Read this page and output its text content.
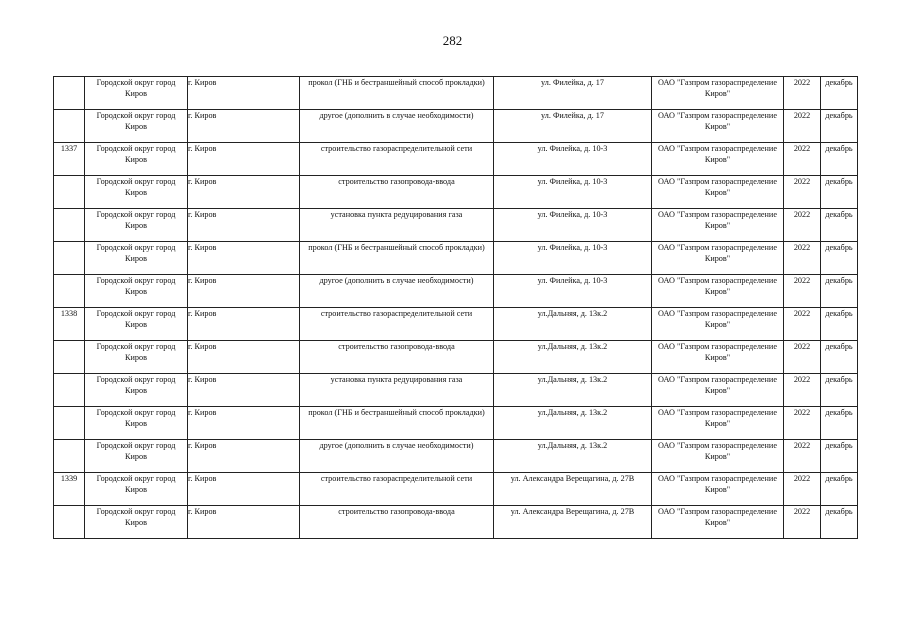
282
	Городской округ город Киров	г. Киров	прокол (ГНБ и бестраншейный способ прокладки)	ул. Филейка, д. 17	ОАО "Газпром газораспределение Киров"	2022	декабрь
	Городской округ город Киров	г. Киров	другое (дополнить в случае необходимости)	ул. Филейка, д. 17	ОАО "Газпром газораспределение Киров"	2022	декабрь
1337	Городской округ город Киров	г. Киров	строительство газораспределительной сети	ул. Филейка, д. 10-3	ОАО "Газпром газораспределение Киров"	2022	декабрь
	Городской округ город Киров	г. Киров	строительство газопровода-ввода	ул. Филейка, д. 10-3	ОАО "Газпром газораспределение Киров"	2022	декабрь
	Городской округ город Киров	г. Киров	установка пункта редуцирования газа	ул. Филейка, д. 10-3	ОАО "Газпром газораспределение Киров"	2022	декабрь
	Городской округ город Киров	г. Киров	прокол (ГНБ и бестраншейный способ прокладки)	ул. Филейка, д. 10-3	ОАО "Газпром газораспределение Киров"	2022	декабрь
	Городской округ город Киров	г. Киров	другое (дополнить в случае необходимости)	ул. Филейка, д. 10-3	ОАО "Газпром газораспределение Киров"	2022	декабрь
1338	Городской округ город Киров	г. Киров	строительство газораспределительной сети	ул.Дальняя, д. 13к.2	ОАО "Газпром газораспределение Киров"	2022	декабрь
	Городской округ город Киров	г. Киров	строительство газопровода-ввода	ул.Дальняя, д. 13к.2	ОАО "Газпром газораспределение Киров"	2022	декабрь
	Городской округ город Киров	г. Киров	установка пункта редуцирования газа	ул.Дальняя, д. 13к.2	ОАО "Газпром газораспределение Киров"	2022	декабрь
	Городской округ город Киров	г. Киров	прокол (ГНБ и бестраншейный способ прокладки)	ул.Дальняя, д. 13к.2	ОАО "Газпром газораспределение Киров"	2022	декабрь
	Городской округ город Киров	г. Киров	другое (дополнить в случае необходимости)	ул.Дальняя, д. 13к.2	ОАО "Газпром газораспределение Киров"	2022	декабрь
1339	Городской округ город Киров	г. Киров	строительство газораспределительной сети	ул. Александра Верещагина, д. 27В	ОАО "Газпром газораспределение Киров"	2022	декабрь
	Городской округ город Киров	г. Киров	строительство газопровода-ввода	ул. Александра Верещагина, д. 27В	ОАО "Газпром газораспределение Киров"	2022	декабрь
